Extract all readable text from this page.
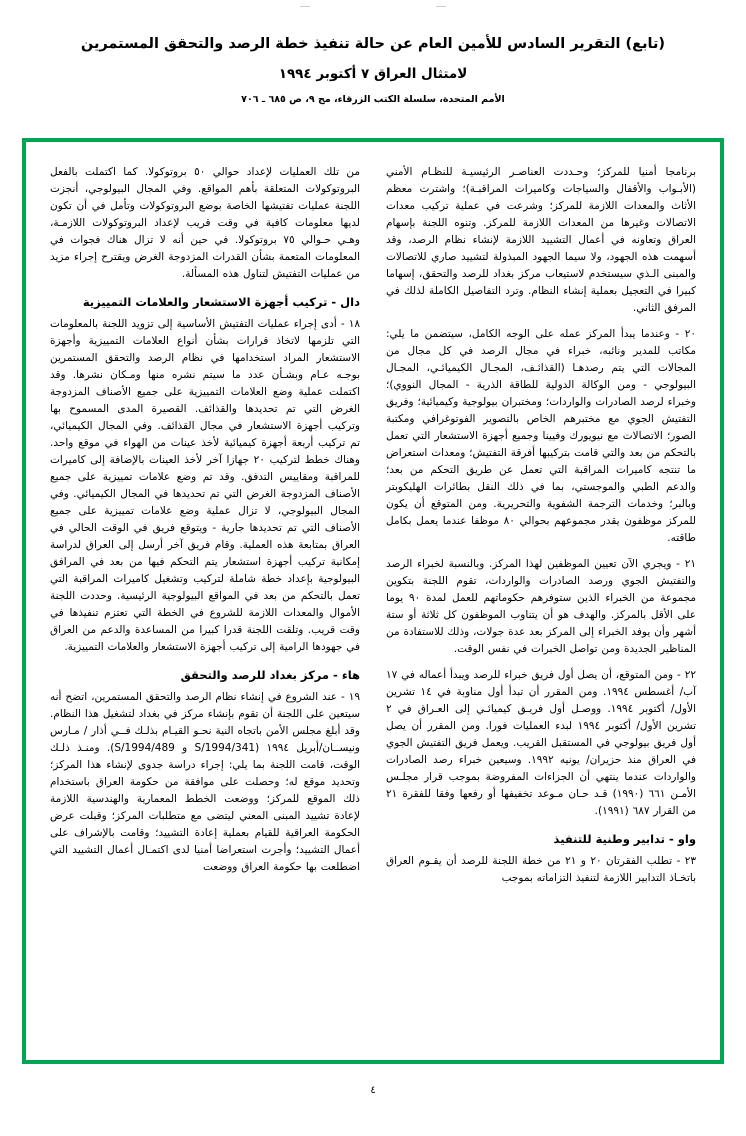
(تابع) التقرير السادس للأمين العام عن حالة تنفيذ خطة الرصد والتحقق المستمرين
لامتثال العراق ٧ أكتوبر ١٩٩٤
الأمم المتحدة، سلسلة الكتب الزرقاء، مج ٩، ص ٦٨٥ ـ ٧٠٦

برنامجا أمنيا للمركز؛ وحـددت العناصـر الرئيسيـة للنظـام الأمني (الأبـواب والأقفال والسياجات وكاميرات المراقبـة)؛ واشترت معظم الأثاث والمعدات اللازمة للمركز؛ وشرعت في عملية تركيب معدات الاتصالات وغيرها من المعدات اللازمة للمركز. وتنوه اللجنة بإسهام العراق وتعاونه في أعمال التشييد اللازمة لإنشاء نظام الرصد، وقد أسهمت هذه الجهود، ولا سيما الجهود المبذولة لتشييد صاري للاتصالات والمبنى الـذي سيستخدم لاستيعاب مركز بغداد للرصد والتحقق، إسهاما كبيرا في التعجيل بعملية إنشاء النظام. وترد التفاصيل الكاملة لذلك في المرفق الثاني.

٢٠ - وعندما يبدأ المركز عمله على الوجه الكامل، سيتضمن ما يلي: مكاتب للمدير ونائبه، خبراء في مجال الرصد في كل مجال من المجالات التي يتم رصدهـا (القذائـف، المجـال الكيميائـي، المجـال البيولوجي - ومن الوكالة الدولية للطاقة الذرية - المجال النووي)؛ وخبراء لرصد الصادرات والواردات؛ ومختبران بيولوجية وكيميائية؛ وفريق التفتيش الجوي مع مختبرهم الخاص بالتصوير الفوتوغرافي ومكتبة الصور؛ الاتصالات مع نيويورك وفيينا وجميع أجهزة الاستشعار التي تعمل بالتحكم من بعد والتي قامت بتركيبها أفرقة التفتيش؛ ومعدات استعراض ما تنتجه كاميرات المراقبة التي تعمل عن طريق التحكم من بعد؛ والدعم الطبي والموجستي، بما في ذلك النقل بطائرات الهليكوبتر وبالبر؛ وخدمات الترجمة الشفوية والتحريرية. ومن المتوقع أن يكون للمركز موظفون يقدر مجموعهم بحوالي ٨٠ موظفا عندما يعمل بكامل طاقته.

٢١ - ويجري الآن تعيين الموظفين لهذا المركز. وبالنسبة لخبراء الرصد والتفتيش الجوي ورصد الصادرات والواردات، تقوم اللجنة بتكوين مجموعة من الخبراء الذين ستوفرهم حكوماتهم للعمل لمدة ٩٠ يوما على الأقل بالمركز. والهدف هو أن يتناوب الموظفون كل ثلاثة أو ستة أشهر وأن يوفد الخبراء إلى المركز بعد عدة جولات، وذلك للاستفادة من المناظير الجديدة ومن تواصل الخبرات في نفس الوقت.

٢٢ - ومن المتوقع، أن يصل أول فريق خبراء للرصد ويبدأ أعماله في ١٧ آب/ أغسطس ١٩٩٤. ومن المقرر أن تبدأ أول مناوبة في ١٤ تشرين الأول/ أكتوبر ١٩٩٤. ووصـل أول فريـق كيميائـي إلى العـراق في ٢ تشرين الأول/ أكتوبر ١٩٩٤ لبدء العمليات فورا. ومن المقرر أن يصل أول فريق بيولوجي في المستقبل القريب. ويعمل فريق التفتيش الجوي في العراق منذ حزيران/ يونيه ١٩٩٢. وسيعين خبراء رصد الصادرات والواردات عندما ينتهي أن الجزاءات المفروضة بموجب قرار مجلـس الأمـن ٦٦١ (١٩٩٠) قـد حـان مـوعد تخفيفها أو رفعها وفقا للفقرة ٢١ من القرار ٦٨٧ (١٩٩١).

واو - تدابير وطنية للتنفيذ

٢٣ - تطلب الفقرتان ٢٠ و ٢١ من خطة اللجنة للرصد أن يقـوم العراق باتخـاذ التدابير اللازمة لتنفيذ التزاماته بموجب

من تلك العمليات لإعداد حوالي ٥٠ بروتوكولا. كما اكتملت بالفعل البروتوكولات المتعلقة بأهم المواقع. وفي المجال البيولوجي، أنجزت اللجنة عمليات تفتيشها الخاصة بوضع البروتوكولات وتأمل في أن تكون لديها معلومات كافية في وقت قريب لإعداد البروتوكولات اللازمـة، وهـي حـوالي ٧٥ بروتوكولا. في حين أنه لا تزال هناك فجوات في المعلومات المتعمة بشأن القدرات المزدوجة الغرض ويقترح إجراء مزيد من عمليات التفتيش لتناول هذه المسألة.

دال - تركيب أجهزة الاستشعار والعلامات التمييزية

١٨ - أدى إجراء عمليات التفتيش الأساسية إلى تزويد اللجنة بالمعلومات التي تلزمها لاتخاذ قرارات بشأن أنواع العلامات التمييزية وأجهزة الاستشعار المراد استخدامها في نظام الرصد والتحقق المستمرين بوجـه عـام وبشـأن عدد ما سيتم نشره منها ومـكان نشرها. وقد اكتملت عملية وضع العلامات التمييزية على جميع الأصناف المزدوجة الغرض التي تم تحديدها والقذائف. القصيرة المدى المسموح بها وتركيب أجهزة الاستشعار في مجال القذائف. وفي المجال الكيميائي، تم تركيب أربعة أجهزة كيميائية لأخذ عينات من الهواء في موقع واحد. وهناك خطط لتركيب ٢٠ جهازا آخر لأخذ العينات بالإضافة إلى كاميرات للمراقبة ومقاييس التدفق. وقد تم وضع علامات تمييزية على جميع الأصناف المزدوجة الغرض التي تم تحديدها في المجال الكيميائي. وفي المجال البيولوجي، لا تزال عملية وضع علامات تمييزية على جميع الأصناف التي تم تحديدها جارية - ويتوقع فريق في الوقت الحالي في العراق بمتابعة هذه العملية. وقام فريق آخر أرسل إلى العراق لدراسة إمكانية تركيب أجهزة استشعار يتم التحكم فيها من بعد في المرافق البيولوجية بإعداد خطة شاملة لتركيب وتشغيل كاميرات المراقبة التي تعمل بالتحكم من بعد في المواقع البيولوجية الرئيسية. وحددت اللجنة الأموال والمعدات اللازمة للشروع في الخطة التي تعتزم تنفيذها في وقت قريب. وتلقت اللجنة قدرا كبيرا من المساعدة والدعم من العراق في جهودها الرامية إلى تركيب أجهزة الاستشعار والعلامات التمييزية.

هاء - مركز بغداد للرصد والتحقق

١٩ - عند الشروع في إنشاء نظام الرصد والتحقق المستمرين، اتضح أنه سيتعين على اللجنة أن تقوم بإنشاء مركز في بغداد لتشغيل هذا النظام. وقد أبلغ مجلس الأمن باتجاه النية نحـو القيـام بذلـك فــي أذار / مـارس ونيســان/أبريل ١٩٩٤ (S/1994/341 و S/1994/489). ومنـذ ذلـك الوقت، قامت اللجنة بما يلي: إجراء دراسة جدوى لإنشاء هذا المركز؛ وتحديد موقع له؛ وحصلت على موافقة من حكومة العراق باستخدام ذلك الموقع للمركز؛ ووضعت الخطط المعمارية والهندسية اللازمة لإعادة تشييد المبنى المعني ليتضى مع متطلبات المركز؛ وقبلت عرض الحكومة العراقية للقيام بعملية إعادة التشييد؛ وقامت بالإشراف على أعمال التشييد؛ وأجرت استعراضا أمنيا لدى اكتمـال أعمال التشييد التي اضطلعت بها حكومة العراق ووضعت

٤
